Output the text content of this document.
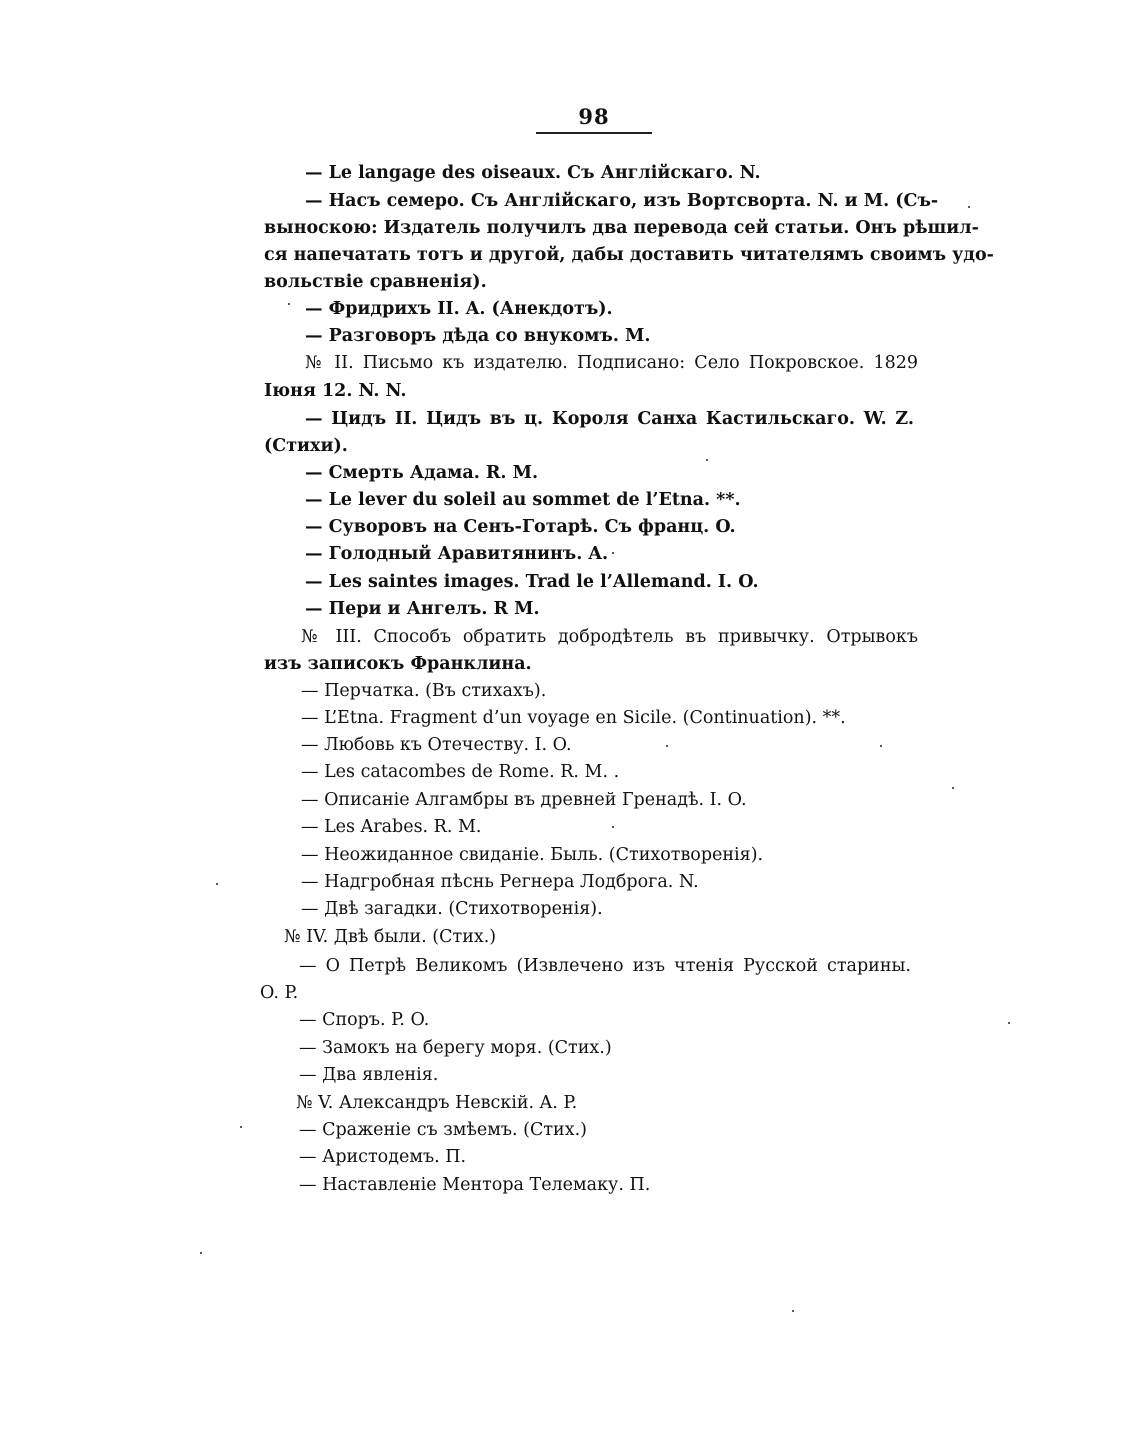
98
— Le langage des oiseaux. Съ Англійскаго. N.
— Насъ семеро. Съ Англійскаго, изъ Вортсворта. N. и M. (Съ-
выноскою: Издатель получилъ два перевода сей статьи. Онъ рѣшил-
ся напечатать тотъ и другой, дабы доставить читателямъ своимъ удо-
вольствіе сравненія).
— Фридрихъ II. A. (Анекдотъ).
— Разговоръ дѣда со внукомъ. M.
№ II. Письмо къ издателю. Подписано: Село Покровское. 1829
Іюня 12. N. N.
— Цидъ II. Цидъ въ ц. Короля Санха Кастильскаго. W. Z.
(Стихи).
— Смерть Адама. R. M.
— Le lever du soleil au sommet de l’Etna. **.
— Суворовъ на Сенъ-Готарѣ. Съ франц. O.
— Голодный Аравитянинъ. A.
— Les saintes images. Trad le l’Allemand. I. O.
— Пери и Ангелъ. R M.
№ III. Способъ обратить добродѣтель въ привычку. Отрывокъ
изъ записокъ Франклина.
— Перчатка. (Въ стихахъ).
— L’Etna. Fragment d’un voyage en Sicile. (Continuation). **.
— Любовь къ Отечеству. I. O.
— Les catacombes de Rome. R. M. .
— Описаніе Алгамбры въ древней Гренадѣ. I. O.
— Les Arabes. R. M.
— Неожиданное свиданіе. Быль. (Стихотворенія).
— Надгробная пѣснь Регнера Лодброга. N.
— Двѣ загадки. (Стихотворенія).
№ IV. Двѣ были. (Стих.)
— О Петрѣ Великомъ (Извлечено изъ чтенія Русской старины.
O. P.
— Споръ. P. O.
— Замокъ на берегу моря. (Стих.)
— Два явленія.
№ V. Александръ Невскій. A. P.
— Сраженіе съ змѣемъ. (Стих.)
— Аристодемъ. П.
— Наставленіе Ментора Телемаку. П.
